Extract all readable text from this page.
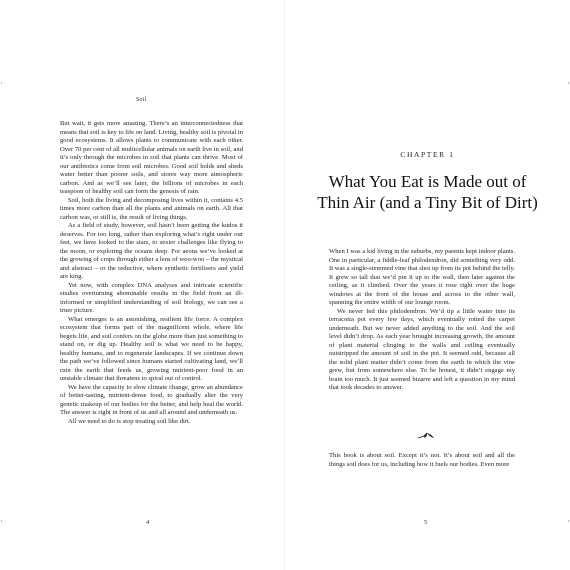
Soil

But wait, it gets more amazing. There’s an interconnectedness that means that soil is key to life on land. Living, healthy soil is pivotal in good ecosystems. It allows plants to communicate with each other. Over 70 per cent of all multicellular animals on earth live in soil, and it’s only through the microbes in soil that plants can thrive. Most of our antibiotics come from soil microbes. Good soil holds and sheds water better than poorer soils, and stores way more atmospheric carbon. And as we’ll see later, the billions of microbes in each teaspoon of healthy soil can form the genesis of rain.

Soil, both the living and decomposing lives within it, contains 4.5 times more carbon than all the plants and animals on earth. All that carbon was, or still is, the result of living things.

As a field of study, however, soil hasn’t been getting the kudos it deserves. For too long, rather than exploring what’s right under our feet, we have looked to the stars, to sexier challenges like flying to the moon, or exploring the oceans deep. For aeons we’ve looked at the growing of crops through either a lens of woo-woo – the mystical and abstract – or the reductive, where synthetic fertilisers and yield are king.

Yet now, with complex DNA analyses and intricate scientific studies overturning abominable results in the field from an ill-informed or simplified understanding of soil biology, we can see a truer picture.

What emerges is an astonishing, resilient life force. A complex ecosystem that forms part of the magnificent whole, where life begets life, and soil confers on the globe more than just something to stand on, or dig up. Healthy soil is what we need to be happy, healthy humans, and to regenerate landscapes. If we continue down the path we’ve followed since humans started cultivating land, we’ll ruin the earth that feeds us, growing nutrient-poor food in an unstable climate that threatens to spiral out of control.

We have the capacity to slow climate change, grow an abundance of better-tasting, nutrient-dense food, to gradually alter the very genetic makeup of our bodies for the better, and help heal the world. The answer is right in front of us and all around and underneath us.

All we need to do is stop treating soil like dirt.

4
CHAPTER 1
What You Eat is Made out of Thin Air (and a Tiny Bit of Dirt)

When I was a kid living in the suburbs, my parents kept indoor plants. One in particular, a fiddle-leaf philodendron, did something very odd. It was a single-stemmed vine that shot up from its pot behind the telly. It grew so tall that we’d pin it up to the wall, then later against the ceiling, as it climbed. Over the years it rose right over the huge windows at the front of the house and across to the other wall, spanning the entire width of our lounge room.

We never fed this philodendron. We’d tip a little water into its terracotta pot every few days, which eventually rotted the carpet underneath. But we never added anything to the soil. And the soil level didn’t drop. As each year brought increasing growth, the amount of plant material clinging to the walls and ceiling eventually outstripped the amount of soil in the pot. It seemed odd, because all the solid plant matter didn’t come from the earth in which the vine grew, but from somewhere else. To be honest, it didn’t engage my brain too much. It just seemed bizarre and left a question in my mind that took decades to answer.

This book is about soil. Except it’s not. It’s about soil and all the things soil does for us, including how it fuels our bodies. Even more

5
